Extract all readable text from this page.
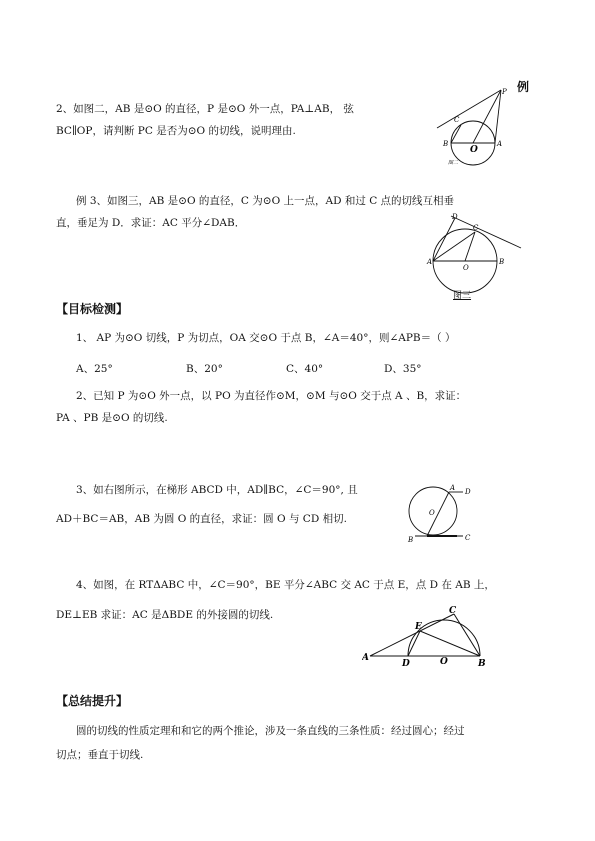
例
2、如图二，AB 是⊙O 的直径，P 是⊙O 外一点，PA⊥AB， 弦
BC∥OP，请判断 PC 是否为⊙O 的切线，说明理由.
P
C
B
O
A
图二
例 3、如图三，AB 是⊙O 的直径，C 为⊙O 上一点，AD 和过 C 点的切线互相垂
直，垂足为 D．求证：AC 平分∠DAB．	D
C
A
O
B
图三
【目标检测】
1、 AP 为⊙O 切线，P 为切点，OA 交⊙O 于点 B，∠A＝40°，则∠APB＝（ ）
A、25°	B、20°	C、40°	D、35°
2、已知 P 为⊙O 外一点，以 PO 为直径作⊙M，⊙M 与⊙O 交于点 A 、B，求证：
PA 、PB 是⊙O 的切线.
3、如右图所示，在梯形 ABCD 中，AD∥BC，∠C＝90°, 且
AD＋BC＝AB，AB 为圆 O 的直径，求证：圆 O 与 CD 相切.
A D
O
B	C
4、如图，在 RTΔABC 中，∠C＝90°，BE 平分∠ABC 交 AC 于点 E，点 D 在 AB 上，
DE⊥EB 求证：AC 是ΔBDE 的外接圆的切线.
A
C
E
D	O	B
【总结提升】
圆的切线的性质定理和和它的两个推论，涉及一条直线的三条性质：经过圆心；经过
切点；垂直于切线.
